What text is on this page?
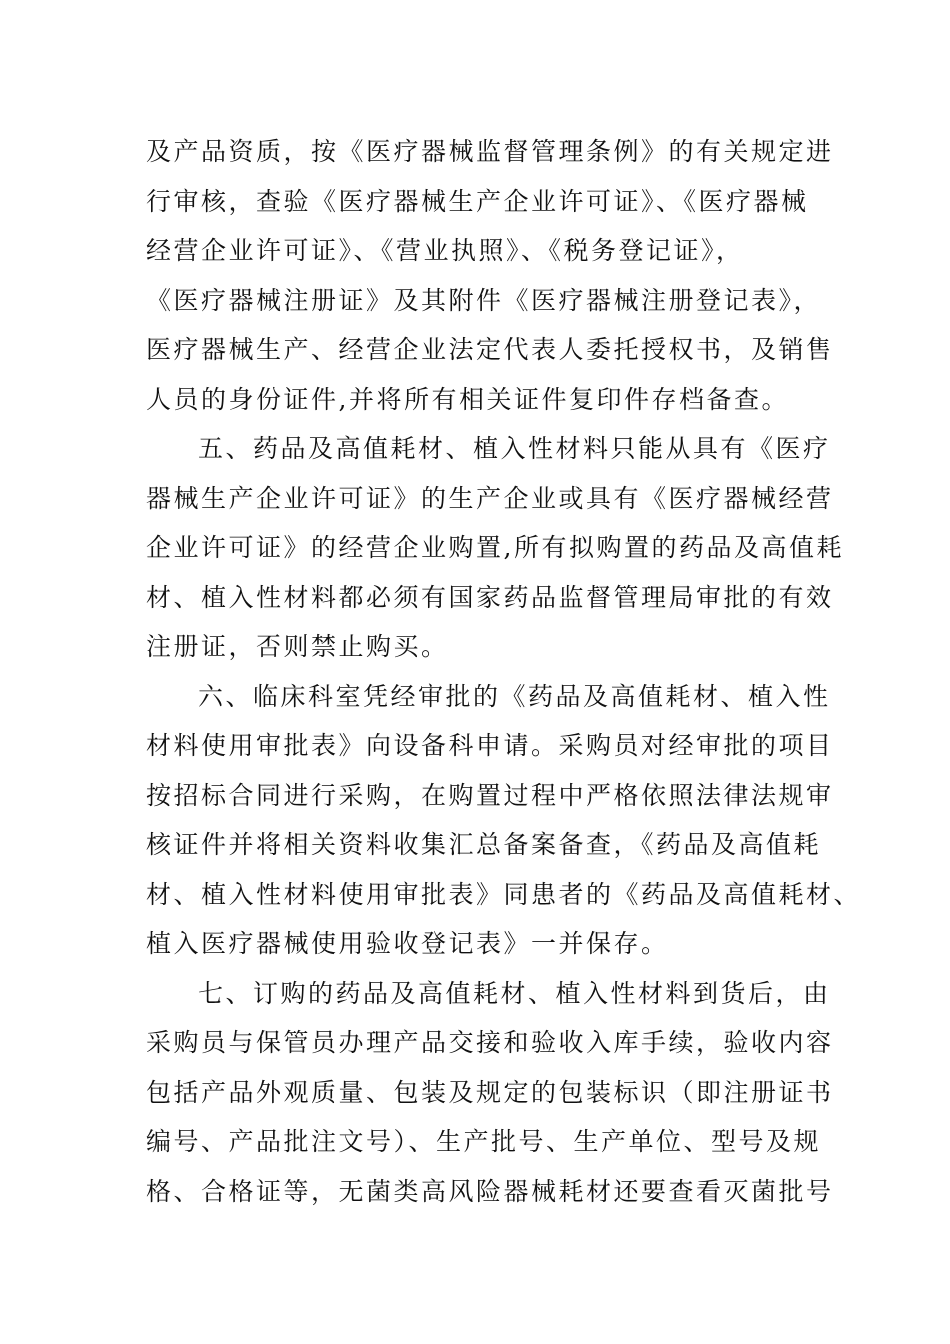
及产品资质，按《医疗器械监督管理条例》的有关规定进
行审核，查验《医疗器械生产企业许可证》、《医疗器械
经营企业许可证》、《营业执照》、《税务登记证》，
《医疗器械注册证》及其附件《医疗器械注册登记表》，
医疗器械生产、经营企业法定代表人委托授权书，及销售
人员的身份证件,并将所有相关证件复印件存档备查。
五、药品及高值耗材、植入性材料只能从具有《医疗
器械生产企业许可证》的生产企业或具有《医疗器械经营
企业许可证》的经营企业购置,所有拟购置的药品及高值耗
材、植入性材料都必须有国家药品监督管理局审批的有效
注册证，否则禁止购买。
六、临床科室凭经审批的《药品及高值耗材、植入性
材料使用审批表》向设备科申请。采购员对经审批的项目
按招标合同进行采购，在购置过程中严格依照法律法规审
核证件并将相关资料收集汇总备案备查，《药品及高值耗
材、植入性材料使用审批表》同患者的《药品及高值耗材、
植入医疗器械使用验收登记表》一并保存。
七、订购的药品及高值耗材、植入性材料到货后，由
采购员与保管员办理产品交接和验收入库手续，验收内容
包括产品外观质量、包装及规定的包装标识（即注册证书
编号、产品批注文号）、生产批号、生产单位、型号及规
格、合格证等，无菌类高风险器械耗材还要查看灭菌批号
